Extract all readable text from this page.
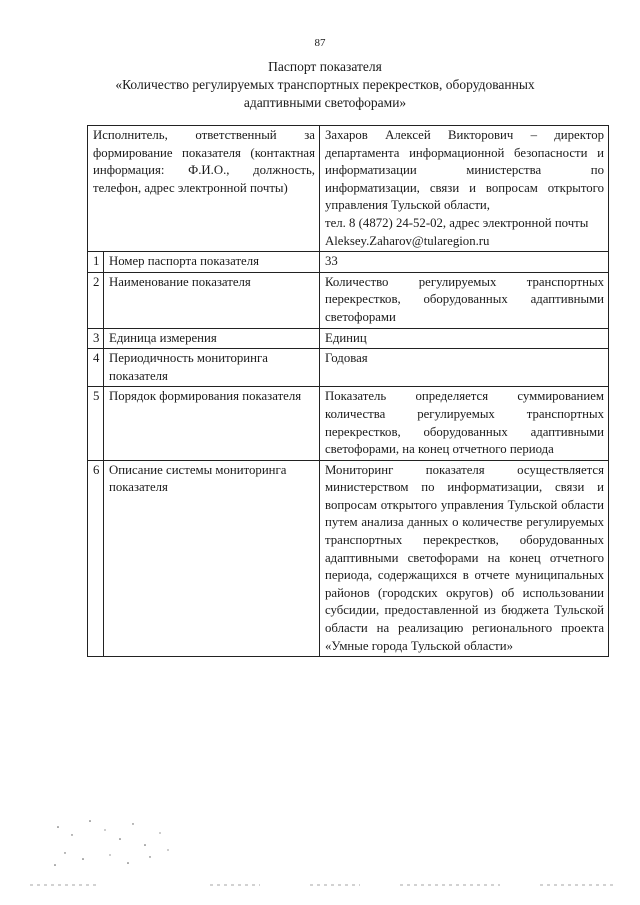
87
Паспорт показателя
«Количество регулируемых транспортных перекрестков, оборудованных
адаптивными светофорами»
Исполнитель, ответственный за формирование показателя (контактная информация: Ф.И.О., должность, телефон, адрес электронной почты)		Захаров Алексей Викторович – директор департамента информационной безопасности и информатизации министерства по информатизации, связи и вопросам открытого управления Тульской области,
тел. 8 (4872) 24-52-02, адрес электронной почты
Aleksey.Zaharov@tularegion.ru

1	Номер паспорта показателя	33
2	Наименование показателя	Количество регулируемых транспортных перекрестков, оборудованных адаптивными светофорами
3	Единица измерения	Единиц
4	Периодичность мониторинга показателя	Годовая
5	Порядок формирования показателя	Показатель определяется суммированием количества регулируемых транспортных перекрестков, оборудованных адаптивными светофорами, на конец отчетного периода
6	Описание системы мониторинга показателя	Мониторинг показателя осуществляется министерством по информатизации, связи и вопросам открытого управления Тульской области путем анализа данных о количестве регулируемых транспортных перекрестков, оборудованных адаптивными светофорами на конец отчетного периода, содержащихся в отчете муниципальных районов (городских округов) об использовании субсидии, предоставленной из бюджета Тульской области на реализацию регионального проекта «Умные города Тульской области»
